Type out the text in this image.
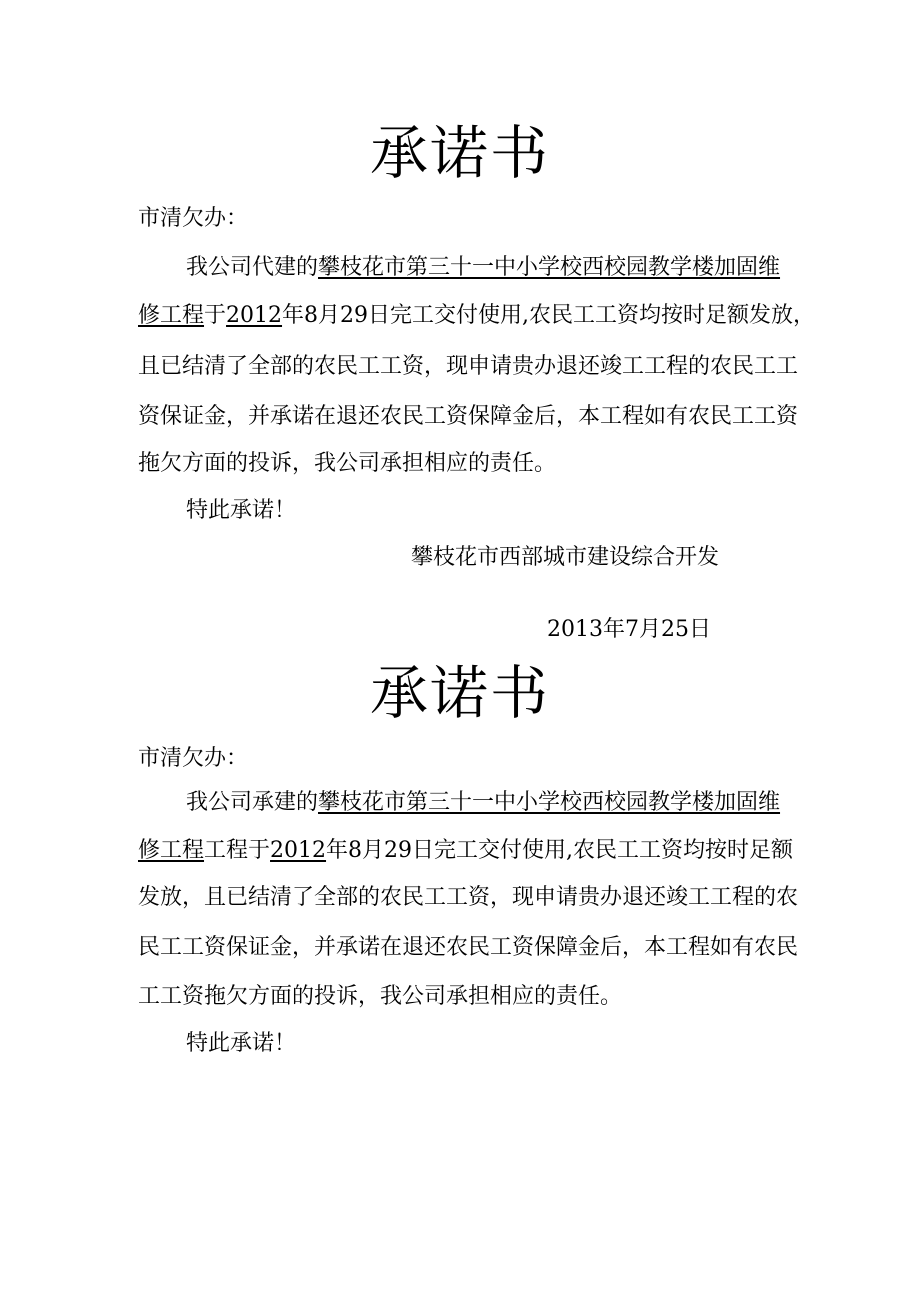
承诺书
市清欠办：
我公司代建的攀枝花市第三十一中小学校西校园教学楼加固维
修工程于2012年8月29日完工交付使用,农民工工资均按时足额发放，
且已结清了全部的农民工工资，现申请贵办退还竣工工程的农民工工
资保证金，并承诺在退还农民工资保障金后，本工程如有农民工工资
拖欠方面的投诉，我公司承担相应的责任。
特此承诺！
攀枝花市西部城市建设综合开发
2013年7月25日
承诺书
市清欠办：
我公司承建的攀枝花市第三十一中小学校西校园教学楼加固维
修工程工程于2012年8月29日完工交付使用,农民工工资均按时足额
发放，且已结清了全部的农民工工资，现申请贵办退还竣工工程的农
民工工资保证金，并承诺在退还农民工资保障金后，本工程如有农民
工工资拖欠方面的投诉，我公司承担相应的责任。
特此承诺！
